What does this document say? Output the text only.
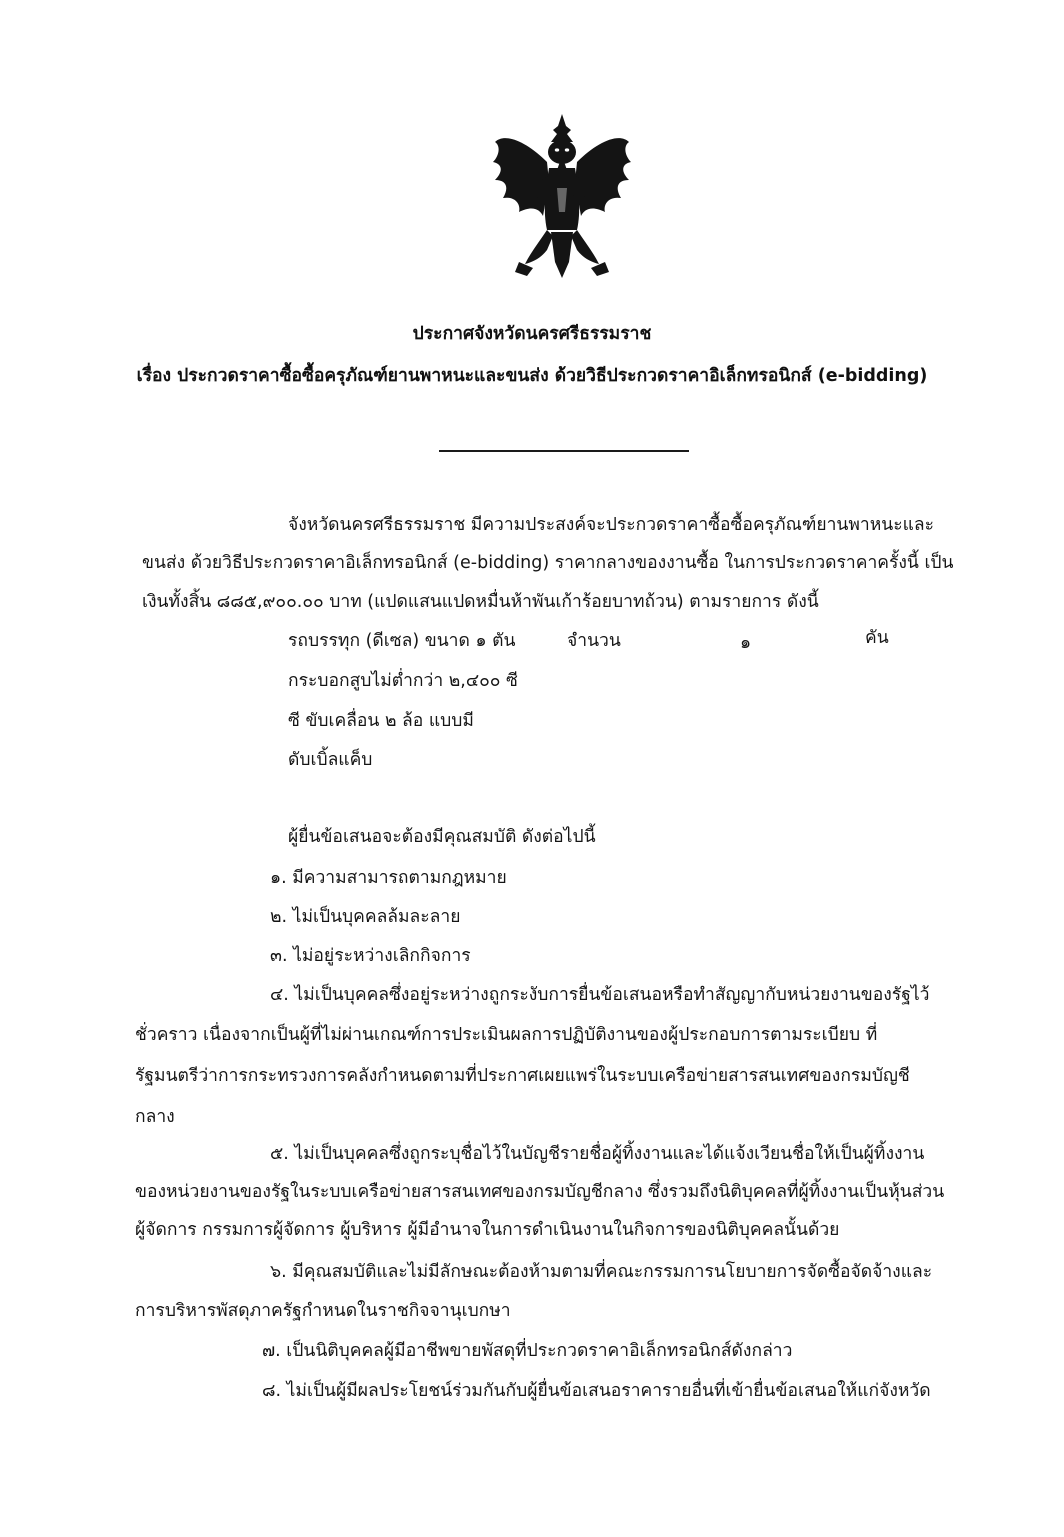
ประกาศจังหวัดนครศรีธรรมราช
เรื่อง ประกวดราคาซื้อซื้อครุภัณฑ์ยานพาหนะและขนส่ง ด้วยวิธีประกวดราคาอิเล็กทรอนิกส์ (e-bidding)
จังหวัดนครศรีธรรมราช มีความประสงค์จะประกวดราคาซื้อซื้อครุภัณฑ์ยานพาหนะและ
ขนส่ง ด้วยวิธีประกวดราคาอิเล็กทรอนิกส์ (e-bidding) ราคากลางของงานซื้อ ในการประกวดราคาครั้งนี้ เป็น
เงินทั้งสิ้น ๘๘๕,๙๐๐.๐๐ บาท (แปดแสนแปดหมื่นห้าพันเก้าร้อยบาทถ้วน) ตามรายการ ดังนี้
รถบรรทุก (ดีเซล) ขนาด ๑ ตัน	จำนวน	๑	คัน
กระบอกสูบไม่ต่ำกว่า ๒,๔๐๐ ซี
ซี ขับเคลื่อน ๒ ล้อ แบบมี
ดับเบิ้ลแค็บ
ผู้ยื่นข้อเสนอจะต้องมีคุณสมบัติ ดังต่อไปนี้
๑. มีความสามารถตามกฎหมาย
๒. ไม่เป็นบุคคลล้มละลาย
๓. ไม่อยู่ระหว่างเลิกกิจการ
๔. ไม่เป็นบุคคลซึ่งอยู่ระหว่างถูกระงับการยื่นข้อเสนอหรือทำสัญญากับหน่วยงานของรัฐไว้
ชั่วคราว เนื่องจากเป็นผู้ที่ไม่ผ่านเกณฑ์การประเมินผลการปฏิบัติงานของผู้ประกอบการตามระเบียบ ที่
รัฐมนตรีว่าการกระทรวงการคลังกำหนดตามที่ประกาศเผยแพร่ในระบบเครือข่ายสารสนเทศของกรมบัญชี
กลาง
๕. ไม่เป็นบุคคลซึ่งถูกระบุชื่อไว้ในบัญชีรายชื่อผู้ทิ้งงานและได้แจ้งเวียนชื่อให้เป็นผู้ทิ้งงาน
ของหน่วยงานของรัฐในระบบเครือข่ายสารสนเทศของกรมบัญชีกลาง ซึ่งรวมถึงนิติบุคคลที่ผู้ทิ้งงานเป็นหุ้นส่วน
ผู้จัดการ กรรมการผู้จัดการ ผู้บริหาร ผู้มีอำนาจในการดำเนินงานในกิจการของนิติบุคคลนั้นด้วย
๖. มีคุณสมบัติและไม่มีลักษณะต้องห้ามตามที่คณะกรรมการนโยบายการจัดซื้อจัดจ้างและ
การบริหารพัสดุภาครัฐกำหนดในราชกิจจานุเบกษา
๗. เป็นนิติบุคคลผู้มีอาชีพขายพัสดุที่ประกวดราคาอิเล็กทรอนิกส์ดังกล่าว
๘. ไม่เป็นผู้มีผลประโยชน์ร่วมกันกับผู้ยื่นข้อเสนอราคารายอื่นที่เข้ายื่นข้อเสนอให้แก่จังหวัด
